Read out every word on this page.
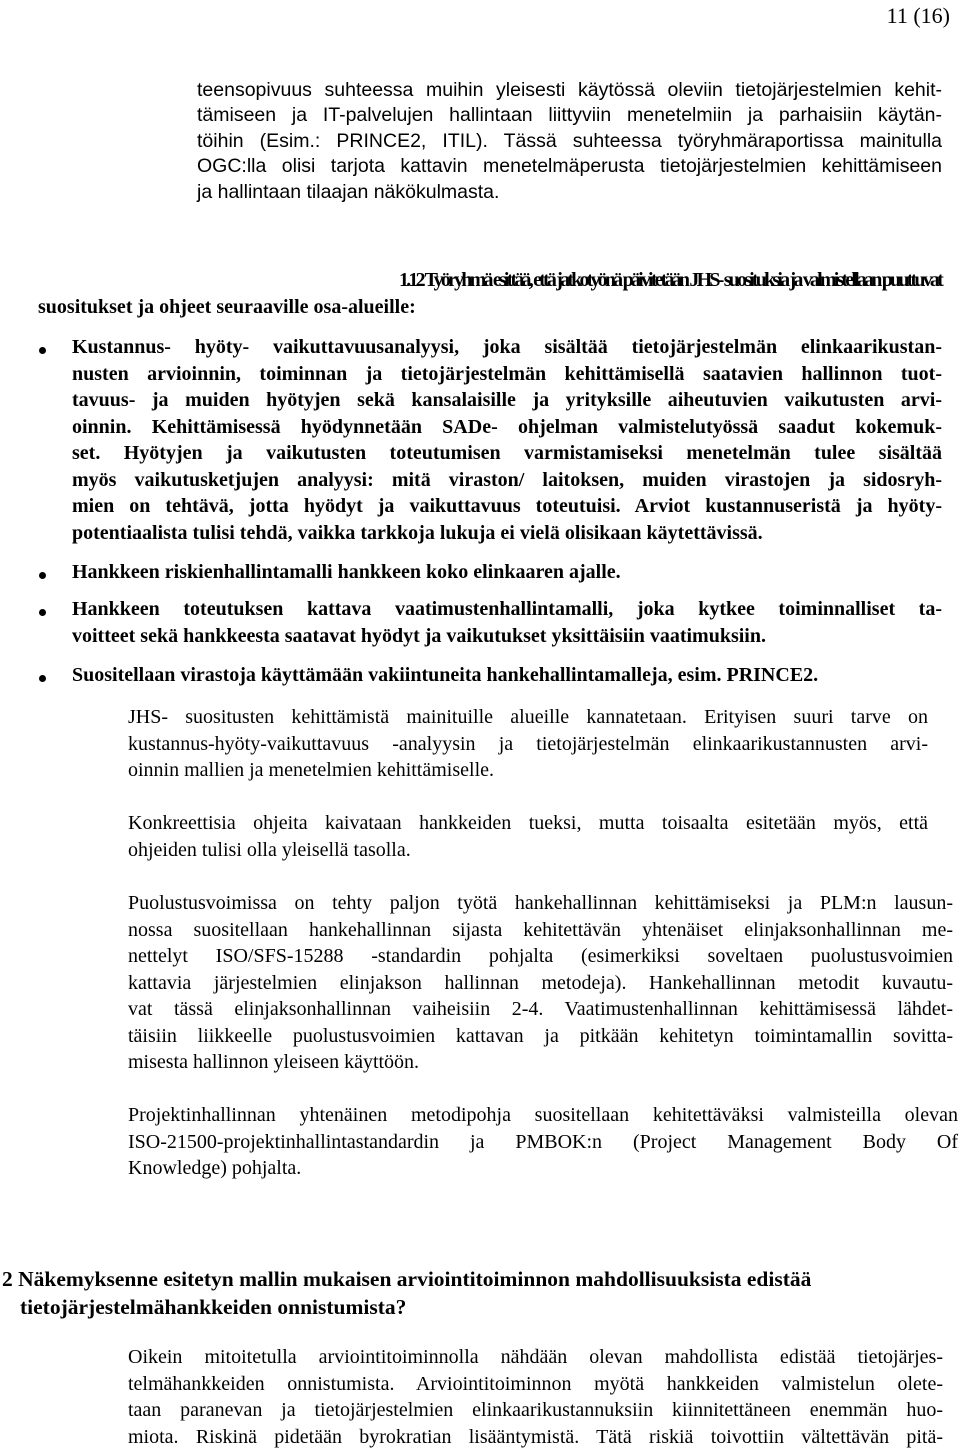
11 (16)
teensopivuus suhteessa muihin yleisesti käytössä oleviin tietojärjestelmien kehit-
tämiseen ja IT-palvelujen hallintaan liittyviin menetelmiin ja parhaisiin käytän-
töihin (Esim.: PRINCE2, ITIL). Tässä suhteessa työryhmäraportissa mainitulla
OGC:lla olisi tarjota kattavin menetelmäperusta tietojärjestelmien kehittämiseen
ja hallintaan tilaajan näkökulmasta.
1.12 Työryhmä esittää, että jatkotyönä päivitetään JHS- suosituksia ja valmistellaan puuttuvat
suositukset ja ohjeet seuraaville osa-alueille:
Kustannus- hyöty- vaikuttavuusanalyysi, joka sisältää tietojärjestelmän elinkaarikustan-
nusten arvioinnin, toiminnan ja tietojärjestelmän kehittämisellä saatavien hallinnon tuot-
tavuus- ja muiden hyötyjen sekä kansalaisille ja yrityksille aiheutuvien vaikutusten arvi-
oinnin. Kehittämisessä hyödynnetään SADe- ohjelman valmistelutyössä saadut kokemuk-
set. Hyötyjen ja vaikutusten toteutumisen varmistamiseksi menetelmän tulee sisältää
myös vaikutusketjujen analyysi: mitä viraston/ laitoksen, muiden virastojen ja sidosryh-
mien on tehtävä, jotta hyödyt ja vaikuttavuus toteutuisi. Arviot kustannuseristä ja hyöty-
potentiaalista tulisi tehdä, vaikka tarkkoja lukuja ei vielä olisikaan käytettävissä.
Hankkeen riskienhallintamalli hankkeen koko elinkaaren ajalle.
Hankkeen toteutuksen kattava vaatimustenhallintamalli, joka kytkee toiminnalliset ta-
voitteet sekä hankkeesta saatavat hyödyt ja vaikutukset yksittäisiin vaatimuksiin.
Suositellaan virastoja käyttämään vakiintuneita hankehallintamalleja, esim. PRINCE2.
JHS- suositusten kehittämistä mainituille alueille kannatetaan. Erityisen suuri tarve on
kustannus-hyöty-vaikuttavuus -analyysin ja tietojärjestelmän elinkaarikustannusten arvi-
oinnin mallien ja menetelmien kehittämiselle.
Konkreettisia ohjeita kaivataan hankkeiden tueksi, mutta toisaalta esitetään myös, että
ohjeiden tulisi olla yleisellä tasolla.
Puolustusvoimissa on tehty paljon työtä hankehallinnan kehittämiseksi ja PLM:n lausun-
nossa suositellaan hankehallinnan sijasta kehitettävän yhtenäiset elinjaksonhallinnan me-
nettelyt ISO/SFS-15288 -standardin pohjalta (esimerkiksi soveltaen puolustusvoimien
kattavia järjestelmien elinjakson hallinnan metodeja). Hankehallinnan metodit kuvautu-
vat tässä elinjaksonhallinnan vaiheisiin 2-4. Vaatimustenhallinnan kehittämisessä lähdet-
täisiin liikkeelle puolustusvoimien kattavan ja pitkään kehitetyn toimintamallin sovitta-
misesta hallinnon yleiseen käyttöön.
Projektinhallinnan yhtenäinen metodipohja suositellaan kehitettäväksi valmisteilla olevan
ISO-21500-projektinhallintastandardin ja PMBOK:n (Project Management Body Of
Knowledge) pohjalta.
2 Näkemyksenne esitetyn mallin mukaisen arviointitoiminnon mahdollisuuksista edistää
tietojärjestelmähankkeiden onnistumista?
Oikein mitoitetulla arviointitoiminnolla nähdään olevan mahdollista edistää tietojärjes-
telmähankkeiden onnistumista. Arviointitoiminnon myötä hankkeiden valmistelun olete-
taan paranevan ja tietojärjestelmien elinkaarikustannuksiin kiinnitettäneen enemmän huo-
miota. Riskinä pidetään byrokratian lisääntymistä. Tätä riskiä toivottiin vältettävän pitä-
